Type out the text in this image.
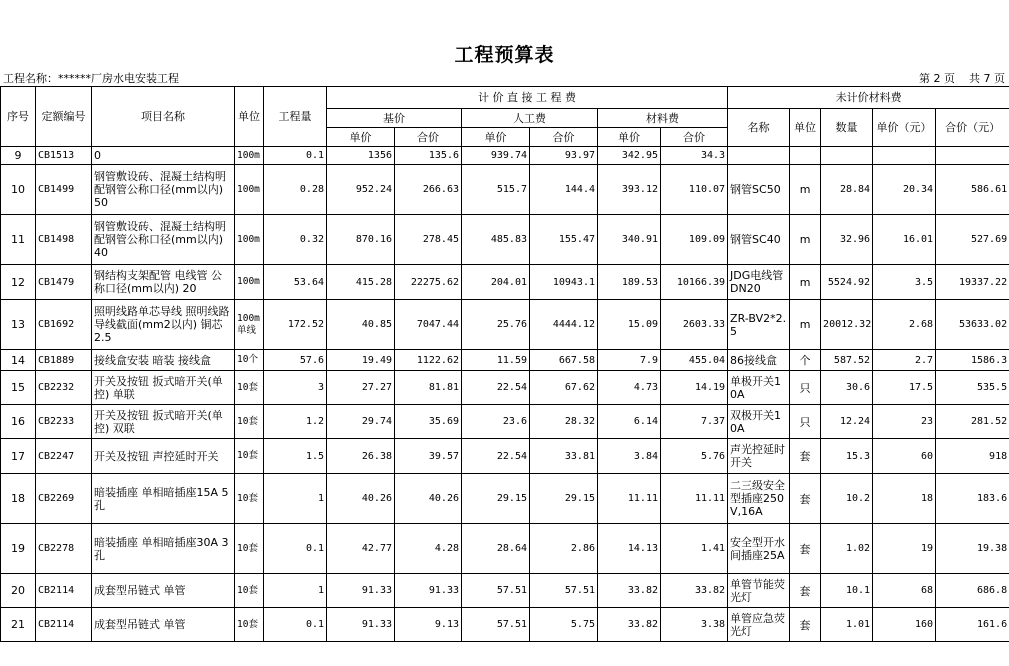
工程预算表
工程名称：******厂房水电安装工程	第 2 页 共 7 页
序号	定额编号	项目名称	单位	工程量	计 价 直 接 工 程 费						未计价材料费				
					基价		人工费		材料费		名称	单位	数量	单价（元）	合价（元）
					单价	合价	单价	合价	单价	合价					
9	CB1513	0	100m	0.1	1356	135.6	939.74	93.97	342.95	34.3					
10	CB1499	钢管敷设砖、混凝土结构明配钢管公称口径(mm以内) 50	100m	0.28	952.24	266.63	515.7	144.4	393.12	110.07	钢管SC50	m	28.84	20.34	586.61
11	CB1498	钢管敷设砖、混凝土结构明配钢管公称口径(mm以内) 40	100m	0.32	870.16	278.45	485.83	155.47	340.91	109.09	钢管SC40	m	32.96	16.01	527.69
12	CB1479	钢结构支架配管 电线管 公称口径(mm以内) 20	100m	53.64	415.28	22275.62	204.01	10943.1	189.53	10166.39	JDG电线管DN20	m	5524.92	3.5	19337.22
13	CB1692	照明线路单芯导线 照明线路 导线截面(mm2以内) 铜芯2.5	100m单线	172.52	40.85	7047.44	25.76	4444.12	15.09	2603.33	ZR-BV2*2.5	m	20012.32	2.68	53633.02
14	CB1889	接线盒安装 暗装 接线盒	10个	57.6	19.49	1122.62	11.59	667.58	7.9	455.04	86接线盒	个	587.52	2.7	1586.3
15	CB2232	开关及按钮 扳式暗开关(单控) 单联	10套	3	27.27	81.81	22.54	67.62	4.73	14.19	单极开关10A	只	30.6	17.5	535.5
16	CB2233	开关及按钮 扳式暗开关(单控) 双联	10套	1.2	29.74	35.69	23.6	28.32	6.14	7.37	双极开关10A	只	12.24	23	281.52
17	CB2247	开关及按钮 声控延时开关	10套	1.5	26.38	39.57	22.54	33.81	3.84	5.76	声光控延时开关	套	15.3	60	918
18	CB2269	暗装插座 单相暗插座15A 5孔	10套	1	40.26	40.26	29.15	29.15	11.11	11.11	二三级安全型插座250V,16A	套	10.2	18	183.6
19	CB2278	暗装插座 单相暗插座30A 3孔	10套	0.1	42.77	4.28	28.64	2.86	14.13	1.41	安全型开水间插座25A	套	1.02	19	19.38
20	CB2114	成套型吊链式 单管	10套	1	91.33	91.33	57.51	57.51	33.82	33.82	单管节能荧光灯	套	10.1	68	686.8
21	CB2114	成套型吊链式 单管	10套	0.1	91.33	9.13	57.51	5.75	33.82	3.38	单管应急荧光灯	套	1.01	160	161.6
